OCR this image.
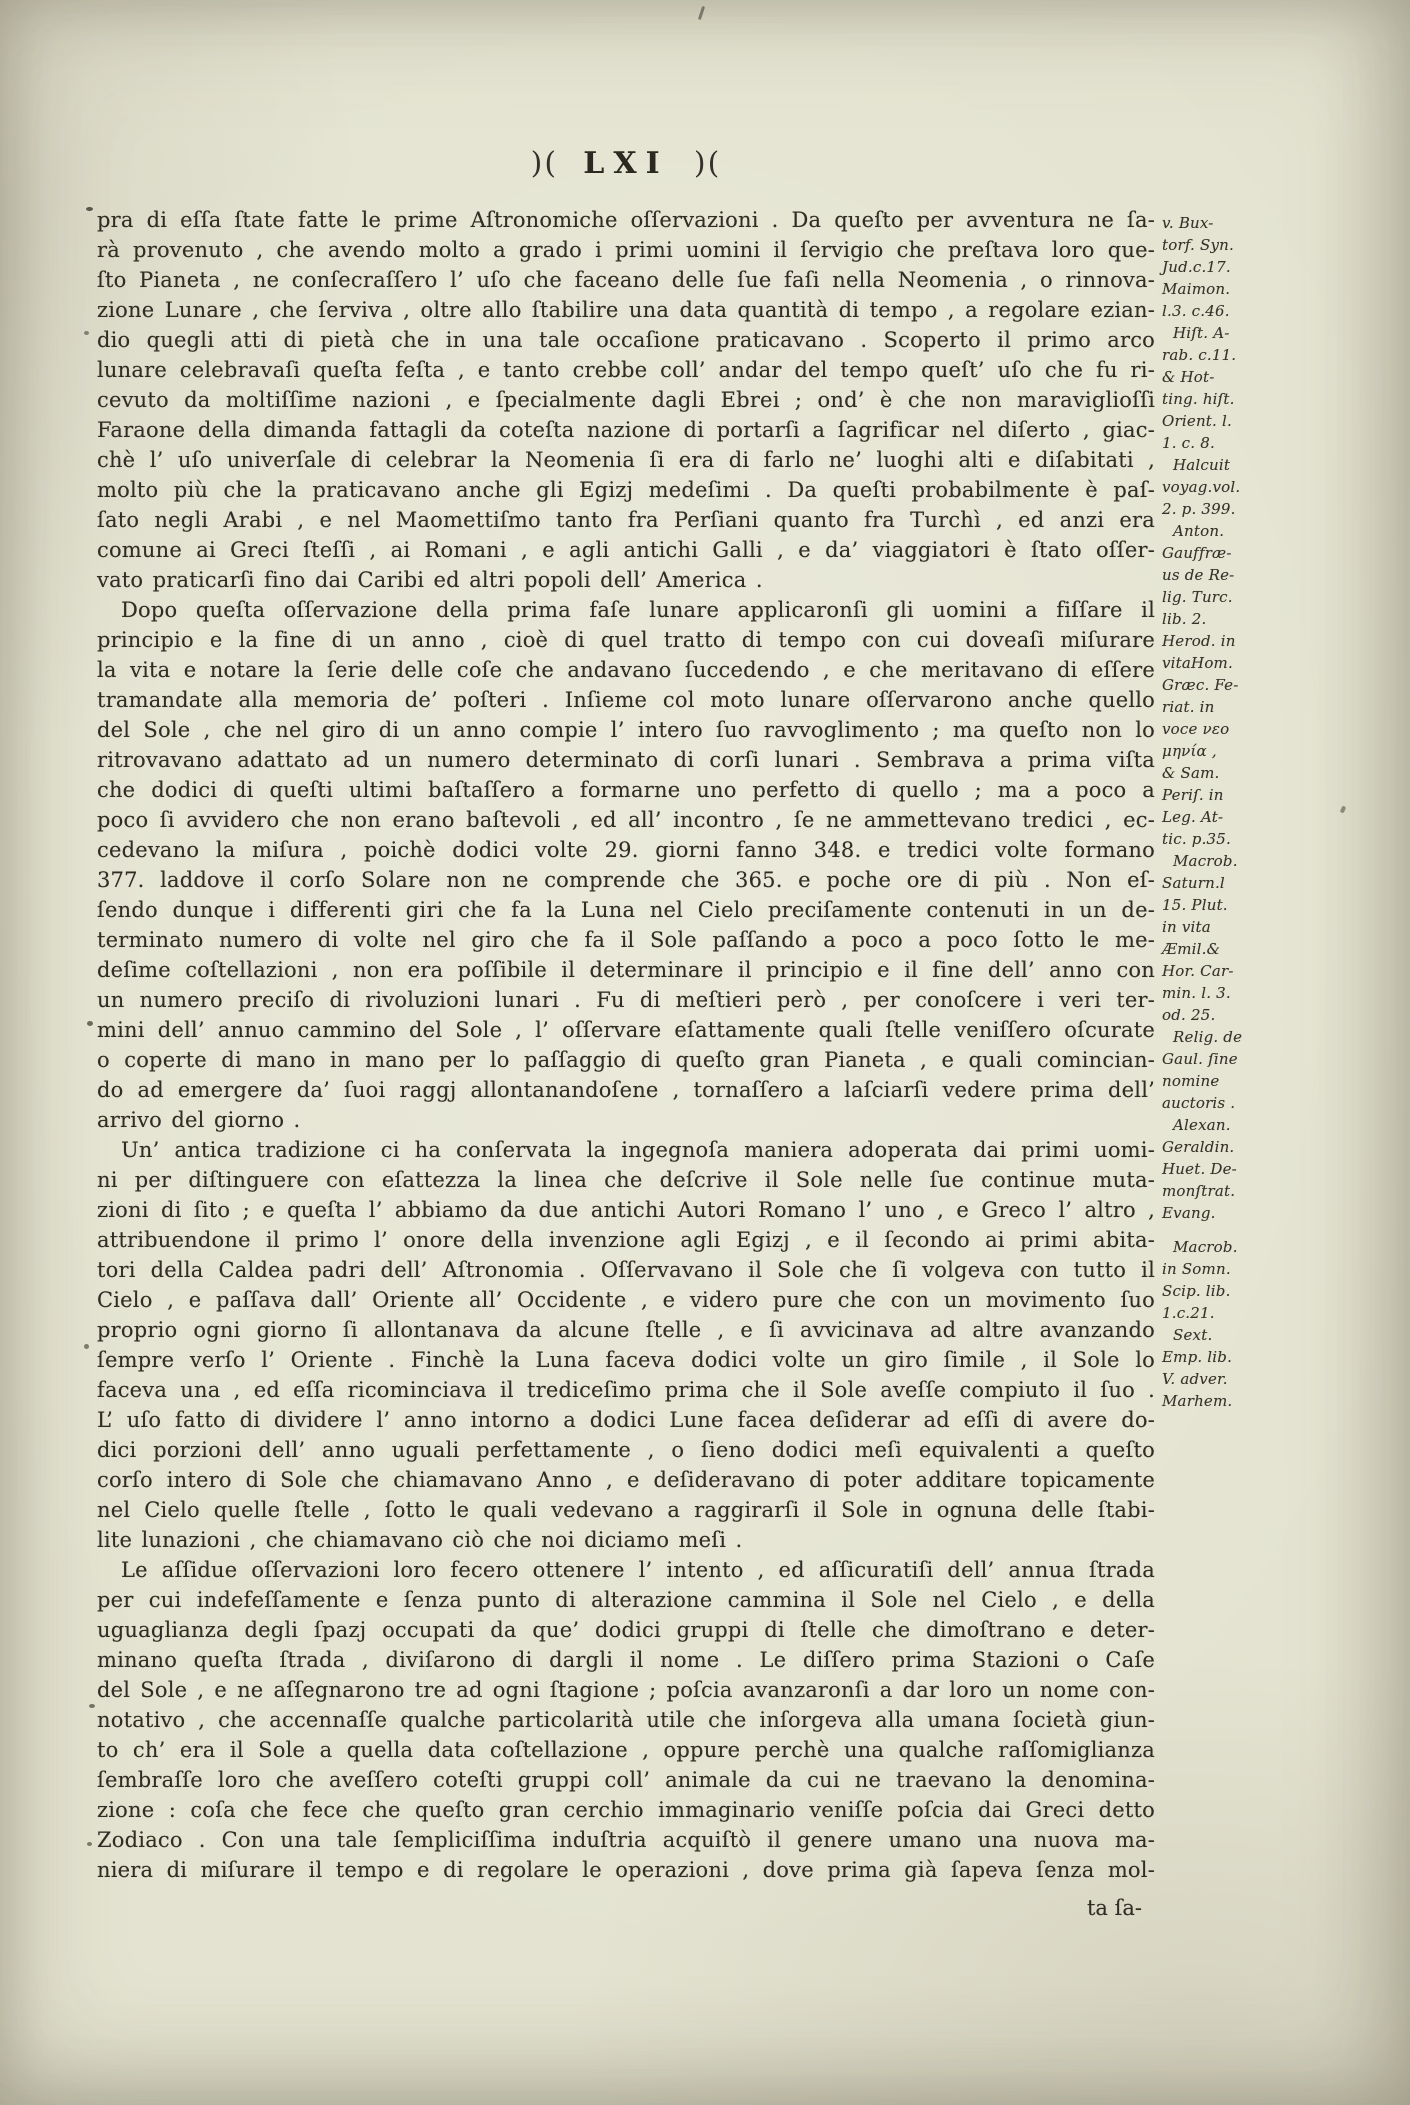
)( LXI )(
pra di eſſa ſtate fatte le prime Aſtronomiche oſſervazioni . Da queſto per avventura ne ſa-
rà provenuto , che avendo molto a grado i primi uomini il ſervigio che preſtava loro que-
ſto Pianeta , ne conſecraſſero l’ uſo che faceano delle ſue faſi nella Neomenia , o rinnova-
zione Lunare , che ſerviva , oltre allo ſtabilire una data quantità di tempo , a regolare ezian-
dio quegli atti di pietà che in una tale occaſione praticavano . Scoperto il primo arco
lunare celebravaſi queſta feſta , e tanto crebbe coll’ andar del tempo queſt’ uſo che fu ri-
cevuto da moltiſſime nazioni , e ſpecialmente dagli Ebrei ; ond’ è che non maraviglioſſi
Faraone della dimanda fattagli da coteſta nazione di portarſi a ſagrificar nel diſerto , giac-
chè l’ uſo univerſale di celebrar la Neomenia ſi era di farlo ne’ luoghi alti e diſabitati ,
molto più che la praticavano anche gli Egizj medeſimi . Da queſti probabilmente è paſ-
ſato negli Arabi , e nel Maomettiſmo tanto fra Perſiani quanto fra Turchì , ed anzi era
comune ai Greci ſteſſi , ai Romani , e agli antichi Galli , e da’ viaggiatori è ſtato oſſer-
vato praticarſi fino dai Caribi ed altri popoli dell’ America .
Dopo queſta oſſervazione della prima faſe lunare applicaronſi gli uomini a fiſſare il
principio e la fine di un anno , cioè di quel tratto di tempo con cui doveaſi miſurare
la vita e notare la ſerie delle coſe che andavano ſuccedendo , e che meritavano di eſſere
tramandate alla memoria de’ poſteri . Inſieme col moto lunare oſſervarono anche quello
del Sole , che nel giro di un anno compie l’ intero ſuo ravvoglimento ; ma queſto non lo
ritrovavano adattato ad un numero determinato di corſi lunari . Sembrava a prima viſta
che dodici di queſti ultimi baſtaſſero a formarne uno perfetto di quello ; ma a poco a
poco ſi avvidero che non erano baſtevoli , ed all’ incontro , ſe ne ammettevano tredici , ec-
cedevano la miſura , poichè dodici volte 29. giorni fanno 348. e tredici volte formano
377. laddove il corſo Solare non ne comprende che 365. e poche ore di più . Non eſ-
ſendo dunque i differenti giri che fa la Luna nel Cielo preciſamente contenuti in un de-
terminato numero di volte nel giro che fa il Sole paſſando a poco a poco ſotto le me-
deſime coſtellazioni , non era poſſibile il determinare il principio e il fine dell’ anno con
un numero preciſo di rivoluzioni lunari . Fu di meſtieri però , per conoſcere i veri ter-
mini dell’ annuo cammino del Sole , l’ oſſervare eſattamente quali ſtelle veniſſero oſcurate
o coperte di mano in mano per lo paſſaggio di queſto gran Pianeta , e quali comincian-
do ad emergere da’ ſuoi raggj allontanandoſene , tornaſſero a laſciarſi vedere prima dell’
arrivo del giorno .
Un’ antica tradizione ci ha conſervata la ingegnoſa maniera adoperata dai primi uomi-
ni per diſtinguere con eſattezza la linea che deſcrive il Sole nelle ſue continue muta-
zioni di ſito ; e queſta l’ abbiamo da due antichi Autori Romano l’ uno , e Greco l’ altro ,
attribuendone il primo l’ onore della invenzione agli Egizj , e il ſecondo ai primi abita-
tori della Caldea padri dell’ Aſtronomia . Oſſervavano il Sole che ſi volgeva con tutto il
Cielo , e paſſava dall’ Oriente all’ Occidente , e videro pure che con un movimento ſuo
proprio ogni giorno ſi allontanava da alcune ſtelle , e ſi avvicinava ad altre avanzando
ſempre verſo l’ Oriente . Finchè la Luna faceva dodici volte un giro ſimile , il Sole lo
faceva una , ed eſſa ricominciava il trediceſimo prima che il Sole aveſſe compiuto il ſuo .
L’ uſo fatto di dividere l’ anno intorno a dodici Lune facea deſiderar ad eſſi di avere do-
dici porzioni dell’ anno uguali perfettamente , o ſieno dodici meſi equivalenti a queſto
corſo intero di Sole che chiamavano Anno , e deſideravano di poter additare topicamente
nel Cielo quelle ſtelle , ſotto le quali vedevano a raggirarſi il Sole in ognuna delle ſtabi-
lite lunazioni , che chiamavano ciò che noi diciamo meſi .
Le aſſidue oſſervazioni loro fecero ottenere l’ intento , ed aſſicuratiſi dell’ annua ſtrada
per cui indefeſſamente e ſenza punto di alterazione cammina il Sole nel Cielo , e della
uguaglianza degli ſpazj occupati da que’ dodici gruppi di ſtelle che dimoſtrano e deter-
minano queſta ſtrada , diviſarono di dargli il nome . Le diſſero prima Stazioni o Caſe
del Sole , e ne aſſegnarono tre ad ogni ſtagione ; poſcia avanzaronſi a dar loro un nome con-
notativo , che accennaſſe qualche particolarità utile che inſorgeva alla umana ſocietà giun-
to ch’ era il Sole a quella data coſtellazione , oppure perchè una qualche raſſomiglianza
ſembraſſe loro che aveſſero coteſti gruppi coll’ animale da cui ne traevano la denomina-
zione : coſa che fece che queſto gran cerchio immaginario veniſſe poſcia dai Greci detto
Zodiaco . Con una tale ſempliciſſima induſtria acquiſtò il genere umano una nuova ma-
niera di miſurare il tempo e di regolare le operazioni , dove prima già ſapeva ſenza mol-
ta ſa-
v. Bux-
torf. Syn.
Jud.c.17.
Maimon.
l.3. c.46.
Hiſt. A-
rab. c.11.
& Hot-
ting. hiſt.
Orient. l.
1. c. 8.
Halcuit
voyag.vol.
2. p. 399.
Anton.
Gauffræ-
us de Re-
lig. Turc.
lib. 2.
Herod. in
vitaHom.
Græc. Fe-
riat. in
voce νεο
μηνία ,
& Sam.
Periſ. in
Leg. At-
tic. p.35.
Macrob.
Saturn.l
15. Plut.
in vita
Æmil.&
Hor. Car-
min. l. 3.
od. 25.
Relig. de
Gaul. ſine
nomine
auctoris .
Alexan.
Geraldin.
Huet. De-
monſtrat.
Evang.
Macrob.
in Somn.
Scip. lib.
1.c.21.
Sext.
Emp. lib.
V. adver.
Marhem.
